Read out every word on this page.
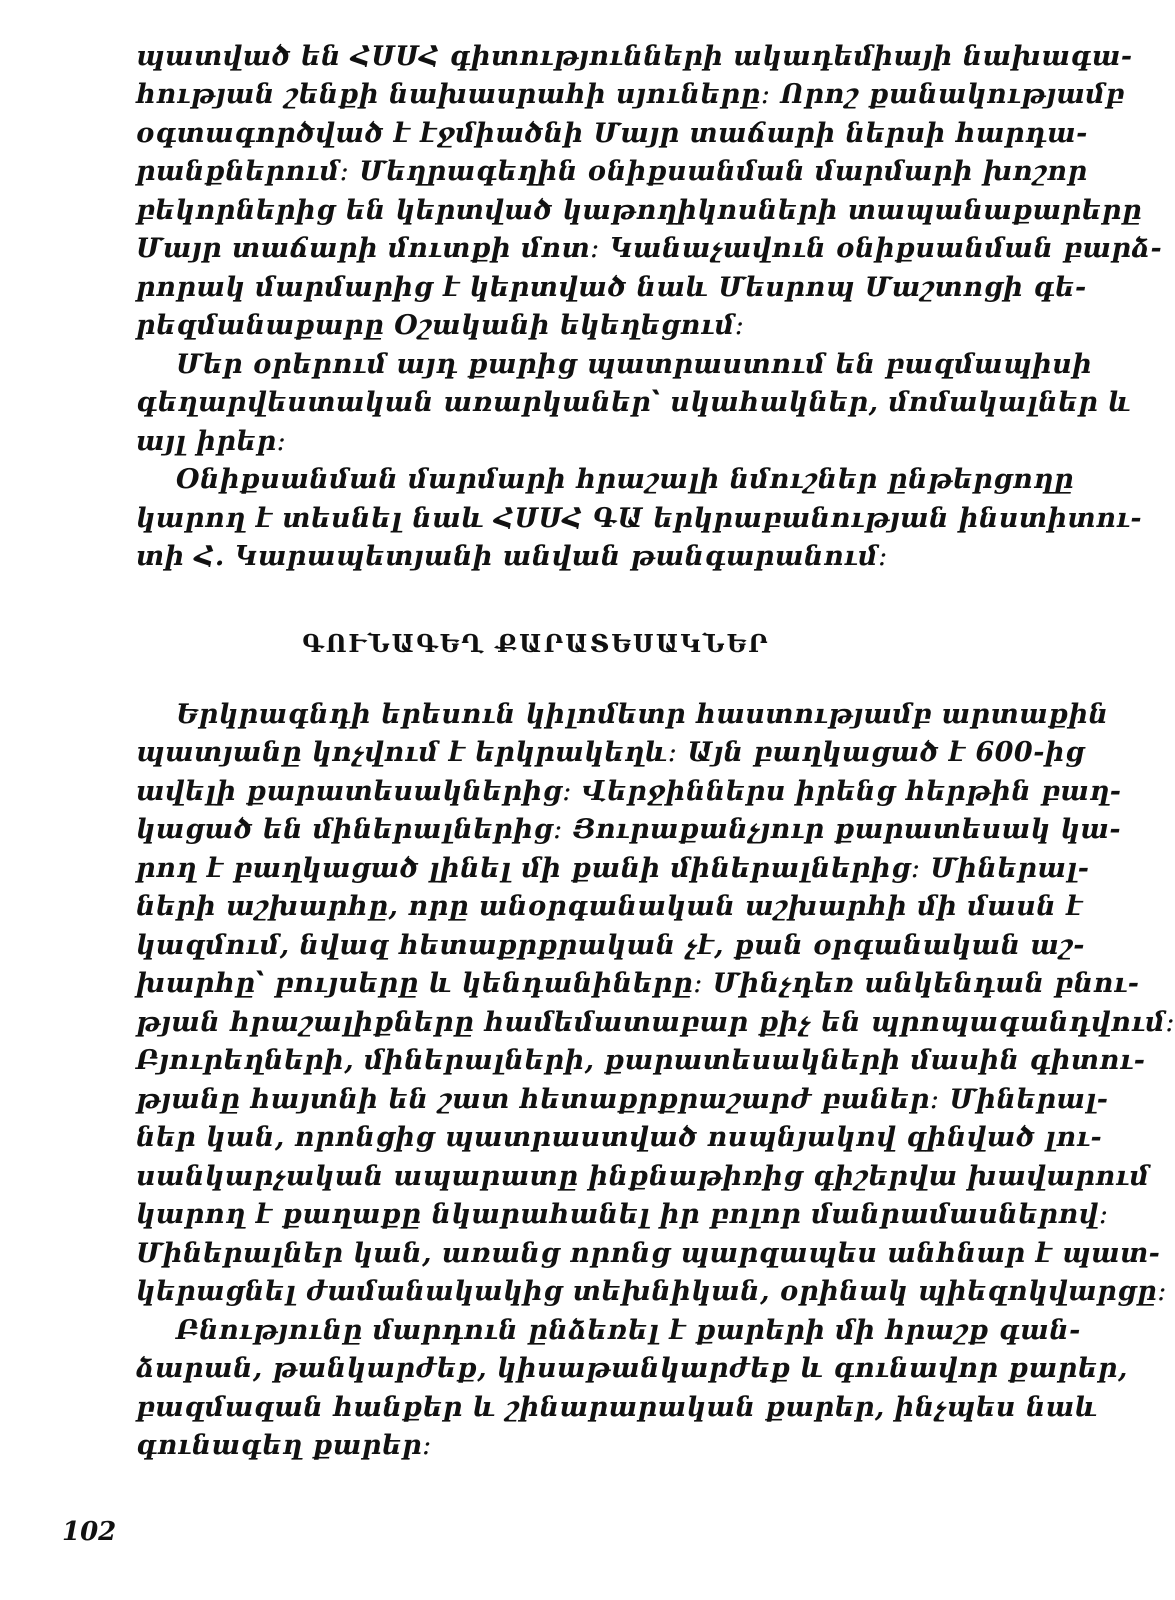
պատված են ՀՍՍՀ գիտությունների ակադեմիայի նախագա-
հության շենքի նախասրահի սյուները։ Որոշ քանակությամբ
օգտագործված է էջմիածնի Մայր տաճարի ներսի հարդա-
րանքներում։ Մեղրագեղին օնիքսանման մարմարի խոշոր
բեկորներից են կերտված կաթողիկոսների տապանաքարերը
Մայր տաճարի մուտքի մոտ։ Կանաչավուն օնիքսանման բարձ-
րորակ մարմարից է կերտված նաև Մեսրոպ Մաշտոցի գե-
րեզմանաքարը Օշականի եկեղեցում։
Մեր օրերում այդ քարից պատրաստում են բազմապիսի
գեղարվեստական առարկաներ՝ սկահակներ, մոմակալներ և
այլ իրեր։
Օնիքսանման մարմարի հրաշալի նմուշներ ընթերցողը
կարող է տեսնել նաև ՀՍՍՀ ԳԱ երկրաբանության ինստիտու-
տի Հ. Կարապետյանի անվան թանգարանում։
ԳՈՒՆԱԳԵՂ ՔԱՐԱՏԵՍԱԿՆԵՐ
Երկրագնդի երեսուն կիլոմետր հաստությամբ արտաքին
պատյանը կոչվում է երկրակեղև։ Այն բաղկացած է 600-ից
ավելի քարատեսակներից։ Վերջիններս իրենց հերթին բաղ-
կացած են միներալներից։ Յուրաքանչյուր քարատեսակ կա-
րող է բաղկացած լինել մի քանի միներալներից։ Միներալ-
ների աշխարհը, որը անօրգանական աշխարհի մի մասն է
կազմում, նվազ հետաքրքրական չէ, քան օրգանական աշ-
խարհը՝ բույսերը և կենդանիները։ Մինչդեռ անկենդան բնու-
թյան հրաշալիքները համեմատաբար քիչ են պրոպագանդվում։
Բյուրեղների, միներալների, քարատեսակների մասին գիտու-
թյանը հայտնի են շատ հետաքրքրաշարժ բաներ։ Միներալ-
ներ կան, որոնցից պատրաստված ոսպնյակով զինված լու-
սանկարչական ապարատը ինքնաթիռից գիշերվա խավարում
կարող է քաղաքը նկարահանել իր բոլոր մանրամասներով։
Միներալներ կան, առանց որոնց պարզապես անհնար է պատ-
կերացնել ժամանակակից տեխնիկան, օրինակ պիեզոկվարցը։
Բնությունը մարդուն ընձեռել է քարերի մի հրաշք գան-
ձարան, թանկարժեք, կիսաթանկարժեք և գունավոր քարեր,
բազմազան հանքեր և շինարարական քարեր, ինչպես նաև
գունագեղ քարեր։
102
